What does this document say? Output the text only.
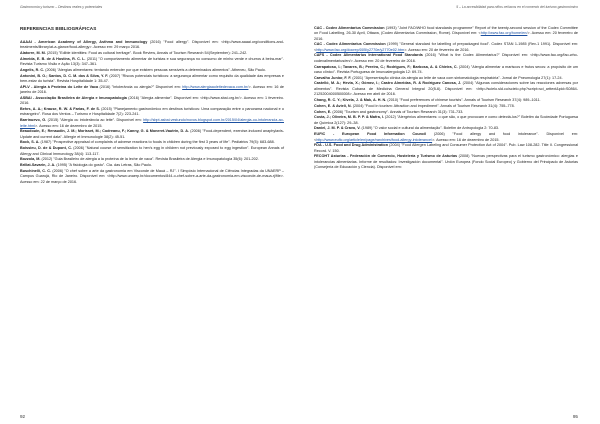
Gastronomía y turismo – Destinos reales y potenciales
REFERENCIAS BIBLIOGRÁFICAS

AAAAI - American Academy of Allergy, Asthma and Immunology (2016) "Food allergy". Disponível em: <http://www.aaaai.org/conditions-and-treatments/library/at-a-glance/food-allergy>. Acesso em: 29 março 2016.

Alatorre, M. M. (2015) "Edible identities: Food as cultural heritage". Book Review, Annals of Tourism Research 54(September): 241–242.

Almeida, E. B. de & Hostins, R. C. L. (2011) "O comportamento alimentar de turistas e sua segurança no consumo de minho verde e churros à beira-mar". Revista Turismo Visão e Ação 13(3): 347–361.

Angelis, R. C. (2006) "Alergias alimentares: tentando entender por que existem pessoas sensíveis a determinados alimentos". Atheneu, São Paulo.

Antonini, B. O.; Santos, D. C. M. dos & Silva, Y. F. (2007) "Riscos potenciais turísticos: a segurança alimentar como requisito da qualidade das empresas e bem-estar do turista". Revista Hospitalidade 1: 35-47.

APLV - Alergia à Proteína do Leite de Vaca (2016) "Intolerância ou alergia?" Disponível em: http://www.alergiaaoleitedevaca.com.br/>. Acesso em: 16 de janeiro de 2016.

ASBAI - Associação Brasileira de Alergia e Imunopatologia (2016) "Alergia alimentar". Disponível em: <http://www.sbai.org.br/>. Acesso em: 1 fevereiro. 2016.

Behrs, A. A.; Krause, R. W. & Farias, F. de S. (2015) "Planejamento gastronômico em destinos turísticos: Uma comparação entre o panorama nacional e o estrangeiro". Rosa dos Ventos – Turismo e Hospitalidade 7(2): 223-241.

Barrinuevo, G. (2015) "Alergia ou intolerância ao leite". Disponível em: http://sbpt.asbai.vestundo/novos.blogspot.com.br/2015/04/alergia-ou-intolerancia-ao-leite.html>. Acesso em: 16 de dezembro de 2015.

Beaudouin, E.; Renaudin, J. M.; Morisset, M.; Codreanu, F.; Kanny, G. & Moneret-Vautrin, D. A. (2006) "Food-dependent, exercise-induced anaphylaxis-Update and current data". Allergie et Immunologie 38(2): 45-51.

Bock, S. A. (1987) "Prospective appraisal of complaints of adverse reactions to foods in children during the first 3 years of life". Pediatrics 79(5): 683-688.

Boissieu, D. de & Dupont, C. (2006) "Natural course of sensitization to hen's egg in children not previously exposed to egg ingestion". European Annals of Allergy and Clinical Immunology 38(4): 113-117.

Bozzola, M. (2012) "Guia Brasileiro de alergia a la proteína de la leche de vaca". Revista Brasileira de Alergia e Imunopatologia 35(6): 201-202.

Brillat-Savarin, J. A. (1995) "A fisiologia do gosto". Cia. das Letras, São Paulo.

Buschinelli, C. C. (2006) "O chef sobre a arte da gastronomia em Visconde de Mauá – RJ". I Simpósio Internacional de Ciências Integradas da UNAERP – Campus Guarujá, Rio de Janeiro. Disponível em: <http://www.unaerp.br/documentos/844-o-chef-sobre-a-arte-da-gastronomia-em-visconde-de-maua-rj/file>. Acesso em: 22 de março de 2016.

92
5 – La accesibilidad para niños celíacos en el comercio del turismo gastronómico

CAC - Codex Alimentarius Commission (1993) "Joint FAO/WHO food standards programme" Report of the twenty-second session of the Codex Committee on Food Labelling, 26-30 April, Ottawa, (Codex Alimentarius Commission, Rome). Disponível em: <http://www.fao.org/home/en/>. Acesso em: 20 fevereiro de 2016.

CAC - Codex Alimentarius Commission (1999) "General standard for labelling of prepackaged food". Codex STAN 1-1985 (Rev-1 1991). Disponível em: <http://www.fao.org/docrep/005/y2770e/y2770e02.htm>. Acesso em: 20 de fevereiro de 2016.

CAFS - Codex Alimentarius International Food Standards (2016) "What is the Codex Alimentarius?" Disponível em: <http://www.fao.org/fao-who-codexalimentarius/en/>. Acesso em: 20 de fevereiro de 2016.

Carrapatoso, I.; Tavares, B.; Pereira, C.; Rodrigues, F.; Barbosa, A. & Chieira, C. (2004) "Alergia alimentar a mariscos e frutos secos: a propósito de um caso clínico". Revista Portuguesa de Imunoalergologia 12: 69-74.

Carvalho Junior, F. F. (2001) "Apresentação clínica da alergia ao leite de vaca com sintomatologia respiratória". Jornal de Pneumologia 27(1): 17-24.

Castelló, M. A.; Hevia, X.; Gómez, I.; Castro Almeidas, R. & Rodríguez Canosa, J. (2004) "Algunas consideraciones sobre las reacciones adversas por alimentos". Revista Cubana de Medicina General Integral 20(5-6). Disponível em: <http://scielo.sld.cu/scielo.php?script=sci_arttext&pid=S0864-21252004000500008>. Acesso em abril de 2016.

Chang, R. C. Y.; Kivela, J. & Mak, A. H. N. (2010) "Food preferences of chinese tourists". Annals of Tourism Research 37(4): 989–1011.

Cohen, E. & Avieli, N. (2004) "Food in tourism: Attraction and impediment". Annals of Tourism Research 31(4): 755–778.

Cohen, E. (2006) "Tourism and gastronomy". Annals of Tourism Research 31(3): 731-733.

Costa, J.; Oliveira, M. B. P. P. & Mafra, I. (2012) "Alergénios alimentares: o que são, o que provocam e como detectá-los?" Boletim da Sociedade Portuguesa de Química 2(127): 29–38.

Daniel, J. M. P. & Cravo, V. (1989) "O valor social e cultural da alimentação". Boletim de Antropologia 2: 70-83.

EUFIC - European Food Information Council (2006) "Food allergy and food intolerance". Disponível em: <http://www.eufic.org/article/en/page/rarchives/food-allergy-intolerance/>. Acesso em: 16 de dezembro de 2015.

FDA - U.S. Food and Drug Administration (2004) "Food Allergen Labeling and Consumer Protection Act of 2004". Pub. Law 108-282. Title II. Congressional Record. V. 150.

FECOHT Asturias - Federación de Comercio, Hostelería y Turismo de Asturias (2008) "Nuevas perspectivas para el turismo gastronómico: alergias e intolerancias alimentarias. Informe de resultados: Investigación documental". Unión Europea (Fondo Social Europeo) y Gobierno del Principado de Asturias (Consejería de Educación y Ciencia). Disponível em:

95
